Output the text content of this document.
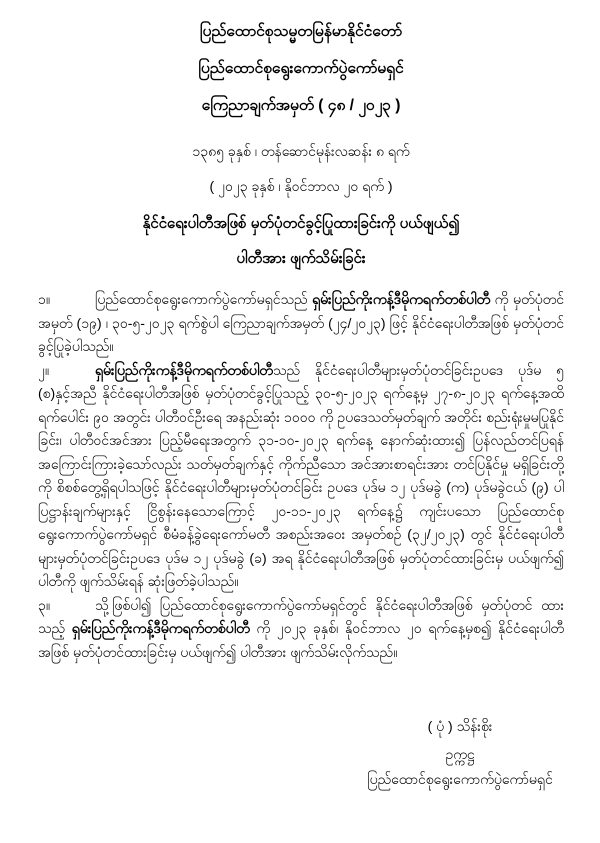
ပြည်ထောင်စုသမ္မတမြန်မာနိုင်ငံတော်
ပြည်ထောင်စုရွေးကောက်ပွဲကော်မရှင်
ကြေညာချက်အမှတ် ( ၄၈ / ၂၀၂၃ )
၁၃၈၅ ခုနှစ် ၊ တန်ဆောင်မုန်းလဆန်း ၈ ရက်
( ၂၀၂၃ ခုနှစ် ၊ နိုဝင်ဘာလ ၂၀ ရက် )
နိုင်ငံရေးပါတီအဖြစ် မှတ်ပုံတင်ခွင့်ပြုထားခြင်းကို ပယ်ဖျယ်၍
ပါတီအား ဖျက်သိမ်းခြင်း

၁။	ပြည်ထောင်စုရွေးကောက်ပွဲကော်မရှင်သည် ရှမ်းပြည်ကိုးကန့်ဒီမိုကရက်တစ်ပါတီ ကို မှတ်ပုံတင်အမှတ် (၁၉) ၊ ၃၀-၅-၂၀၂၃ ရက်စွဲပါ ကြေညာချက်အမှတ် (၂၄/၂၀၂၃) ဖြင့် နိုင်ငံရေးပါတီအဖြစ် မှတ်ပုံတင်ခွင့်ပြုခဲ့ပါသည်။

၂။	ရှမ်းပြည်ကိုးကန့်ဒီမိုကရက်တစ်ပါတီသည် နိုင်ငံရေးပါတီများမှတ်ပုံတင်ခြင်းဥပဒေ ပုဒ်မ ၅ (စ)နှင့်အညီ နိုင်ငံရေးပါတီအဖြစ် မှတ်ပုံတင်ခွင့်ပြုသည့် ၃၀-၅-၂၀၂၃ ရက်နေ့မှ ၂၇-၈-၂၀၂၃ ရက်နေ့အထိ ရက်ပေါင်း ၉၀ အတွင်း ပါတီဝင်ဦးရေ အနည်းဆုံး ၁၀၀၀ ကို ဥပဒေသတ်မှတ်ချက် အတိုင်း စည်းရုံးမှုမပြုနိုင်ခြင်း၊ ပါတီဝင်အင်အား ပြည့်မီရေးအတွက် ၃၁-၁၀-၂၀၂၃ ရက်နေ့ နောက်ဆုံးထား၍ ပြန်လည်တင်ပြရန် အကြောင်းကြားခဲ့သော်လည်း သတ်မှတ်ချက်နှင့် ကိုက်ညီသော အင်အားစာရင်းအား တင်ပြနိုင်မှု မရှိခြင်းတို့ကို စိစစ်တွေ့ရှိရပါသဖြင့် နိုင်ငံရေးပါတီများမှတ်ပုံတင်ခြင်း ဥပဒေ ပုဒ်မ ၁၂ ပုဒ်မခွဲ (က) ပုဒ်မခွဲငယ် (၉) ပါ ပြဋ္ဌာန်းချက်များနှင့် ငြိစွန်းနေသောကြောင့် ၂၀-၁၁-၂၀၂၃ ရက်နေ့၌ ကျင်းပသော ပြည်ထောင်စုရွေးကောက်ပွဲကော်မရှင် စီမံခန့်ခွဲရေးကော်မတီ အစည်းအဝေး အမှတ်စဉ် (၃၂/၂၀၂၃) တွင် နိုင်ငံရေးပါတီများမှတ်ပုံတင်ခြင်းဥပဒေ ပုဒ်မ ၁၂ ပုဒ်မခွဲ (ခ) အရ နိုင်ငံရေးပါတီအဖြစ် မှတ်ပုံတင်ထားခြင်းမှ ပယ်ဖျက်၍ ပါတီကို ဖျက်သိမ်းရန် ဆုံးဖြတ်ခဲ့ပါသည်။

၃။	သို့ဖြစ်ပါ၍ ပြည်ထောင်စုရွေးကောက်ပွဲကော်မရှင်တွင် နိုင်ငံရေးပါတီအဖြစ် မှတ်ပုံတင် ထားသည့် ရှမ်းပြည်ကိုးကန့်ဒီမိုကရက်တစ်ပါတီ ကို ၂၀၂၃ ခုနှစ်၊ နိုဝင်ဘာလ ၂၀ ရက်နေ့မှစ၍ နိုင်ငံရေးပါတီအဖြစ် မှတ်ပုံတင်ထားခြင်းမှ ပယ်ဖျက်၍ ပါတီအား ဖျက်သိမ်းလိုက်သည်။

( ပုံ ) သိန်းစိုး
ဥက္ကဋ္ဌ
ပြည်ထောင်စုရွေးကောက်ပွဲကော်မရှင်
